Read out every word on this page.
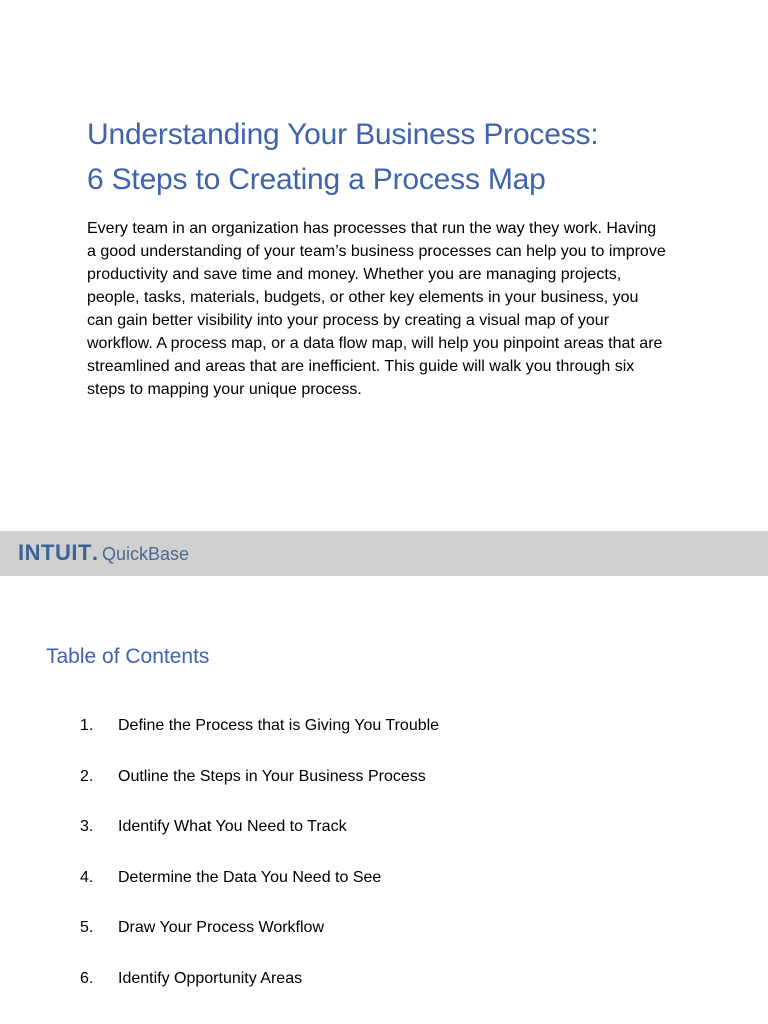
Understanding Your Business Process:
6 Steps to Creating a Process Map

Every team in an organization has processes that run the way they work. Having a good understanding of your team’s business processes can help you to improve productivity and save time and money. Whether you are managing projects, people, tasks, materials, budgets, or other key elements in your business, you can gain better visibility into your process by creating a visual map of your workflow. A process map, or a data flow map, will help you pinpoint areas that are streamlined and areas that are inefficient. This guide will walk you through six steps to mapping your unique process.

INTUIT . QuickBase
Table of Contents
1. Define the Process that is Giving You Trouble
2. Outline the Steps in Your Business Process
3. Identify What You Need to Track
4. Determine the Data You Need to See
5. Draw Your Process Workflow
6. Identify Opportunity Areas
